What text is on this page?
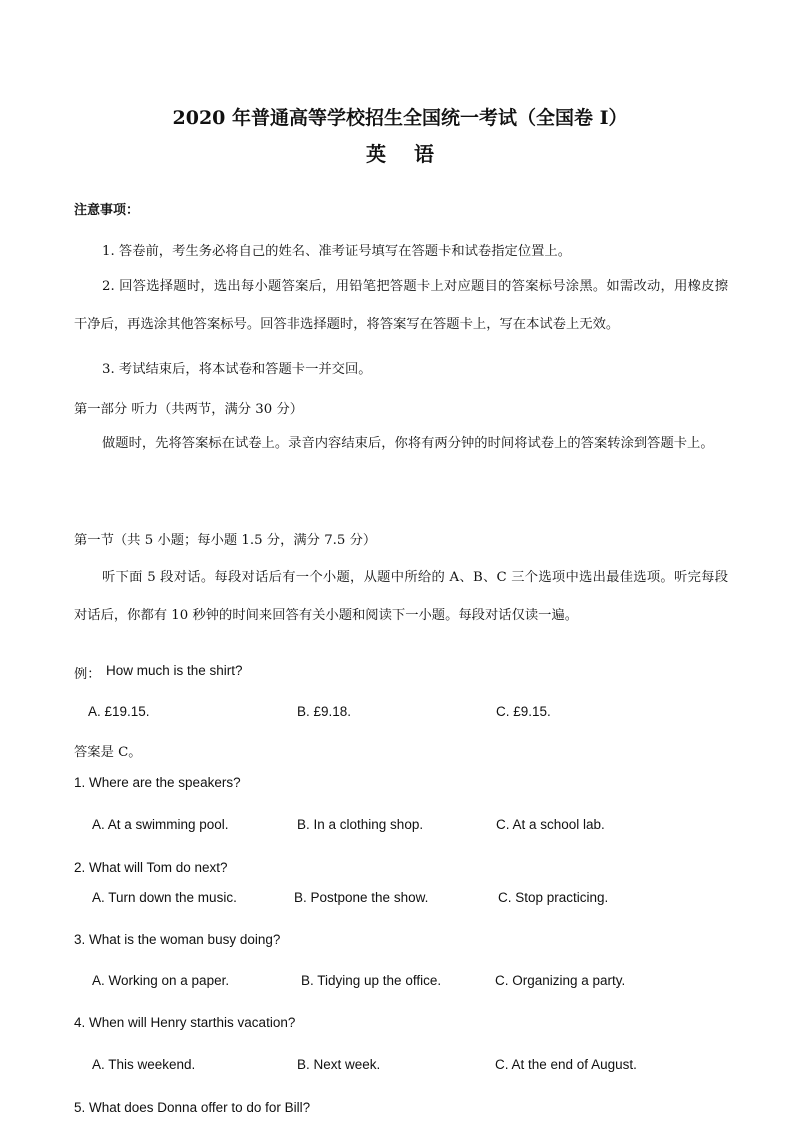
2020 年普通高等学校招生全国统一考试（全国卷 I）
英语
注意事项：
1. 答卷前，考生务必将自己的姓名、准考证号填写在答题卡和试卷指定位置上。
2. 回答选择题时，选出每小题答案后，用铅笔把答题卡上对应题目的答案标号涂黑。如需改动，用橡皮擦干净后，再选涂其他答案标号。回答非选择题时，将答案写在答题卡上，写在本试卷上无效。
3. 考试结束后，将本试卷和答题卡一并交回。
第一部分 听力（共两节，满分 30 分）
做题时，先将答案标在试卷上。录音内容结束后，你将有两分钟的时间将试卷上的答案转涂到答题卡上。
第一节（共 5 小题；每小题 1.5 分，满分 7.5 分）
听下面 5 段对话。每段对话后有一个小题，从题中所给的 A、B、C 三个选项中选出最佳选项。听完每段对话后，你都有 10 秒钟的时间来回答有关小题和阅读下一小题。每段对话仅读一遍。
例： How much is the shirt?
A. £19.15.	B. £9.18.	C. £9.15.
答案是 C。
1. Where are the speakers?
A. At a swimming pool.	B. In a clothing shop.	C. At a school lab.
2. What will Tom do next?
A. Turn down the music.	B. Postpone the show.	C. Stop practicing.
3. What is the woman busy doing?
A. Working on a paper.	B. Tidying up the office.	C. Organizing a party.
4. When will Henry starthis vacation?
A. This weekend.	B. Next week.	C. At the end of August.
5. What does Donna offer to do for Bill?
